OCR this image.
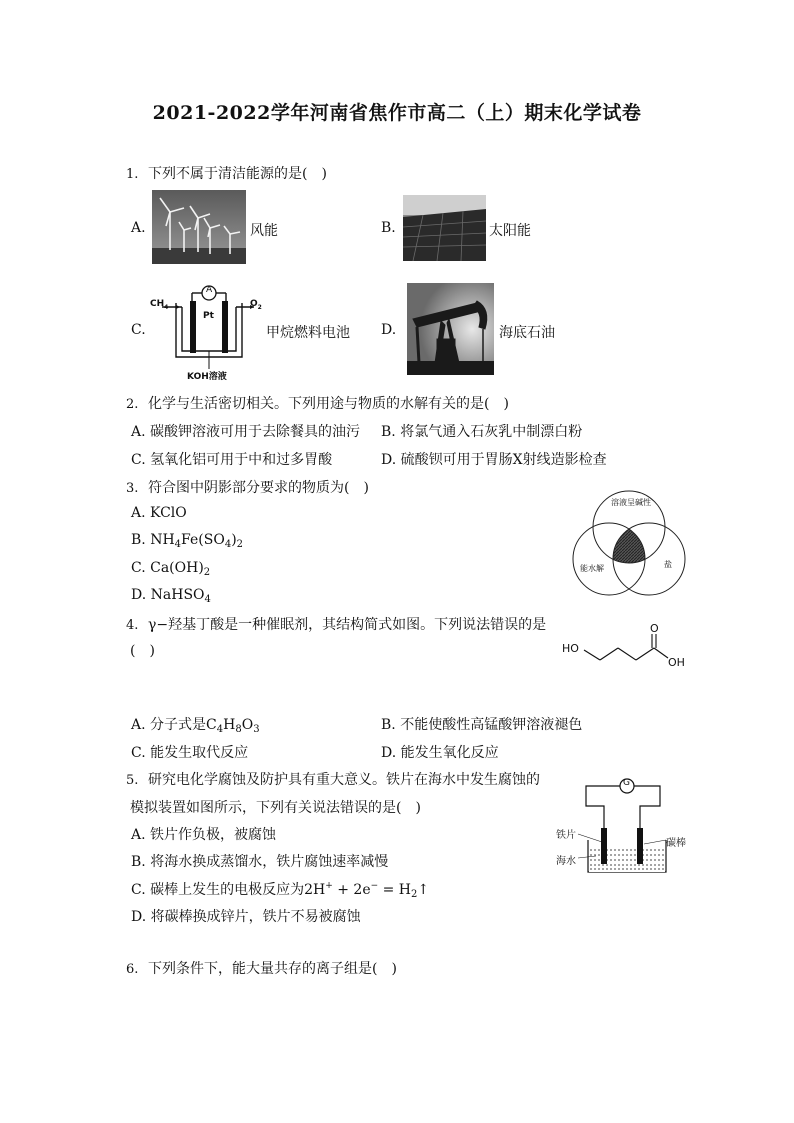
2021-2022学年河南省焦作市高二（上）期末化学试卷
1. 下列不属于清洁能源的是(　)
A.	风能	B.	太阳能
C.
A
$CH_4$	$O_2$
Pt
KOH溶液
甲烷燃料电池 D.	海底石油
2. 化学与生活密切相关。下列用途与物质的水解有关的是(　)
A. 碳酸钾溶液可用于去除餐具的油污 B. 将氯气通入石灰乳中制漂白粉
C. 氢氧化铝可用于中和过多胃酸	D. 硫酸钡可用于胃肠X射线造影检查
3. 符合图中阴影部分要求的物质为(　)
A. KClO
B. $NH_4Fe(SO_4)_2$
C. $Ca(OH)_2$
D. NaHSO$_4$
溶液呈碱性
能水解	盐
4. γ−羟基丁酸是一种催眠剂，其结构简式如图。下列说法错误的是
(　)	HO
O
OH
A. 分子式是$C_4H_8O_3$	B. 不能使酸性高锰酸钾溶液褪色
C. 能发生取代反应	D. 能发生氧化反应
5. 研究电化学腐蚀及防护具有重大意义。铁片在海水中发生腐蚀的
模拟装置如图所示，下列有关说法错误的是(　)
A. 铁片作负极，被腐蚀
B. 将海水换成蒸馏水，铁片腐蚀速率减慢
C. 碳棒上发生的电极反应为$2H^+ + 2e^- = H_2↑$
D. 将碳棒换成锌片，铁片不易被腐蚀
G
铁片
碳棒
海水
6. 下列条件下，能大量共存的离子组是(　)
